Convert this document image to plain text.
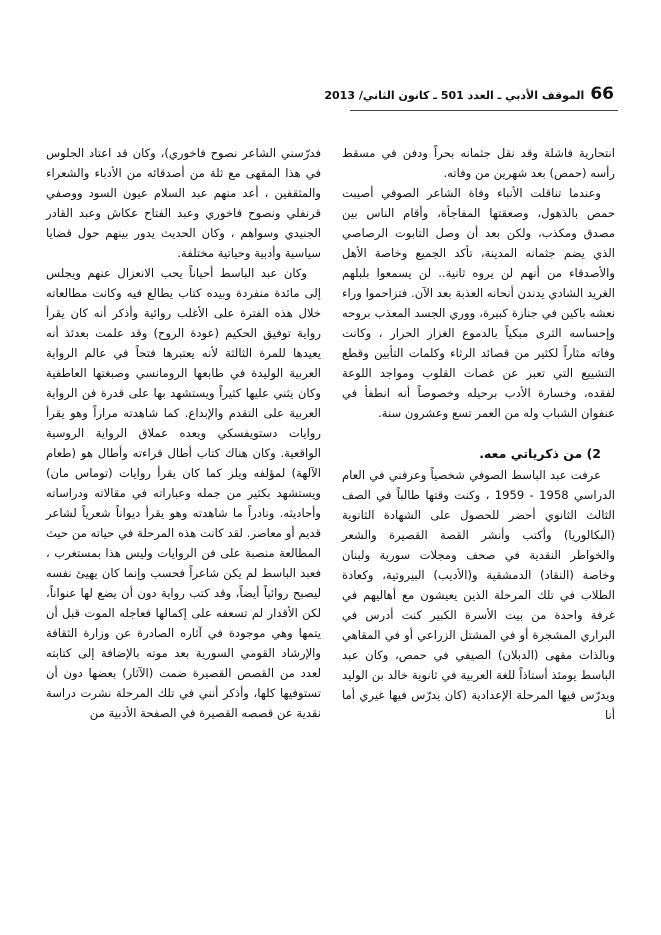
66
الموقف الأدبي ـ العدد 501 ـ كانون الثاني/ 2013

انتحارية فاشلة وقد نقل جثمانه بحراً ودفن في مسقط رأسه (حمص) بعد شهرين من وفاته.

وعندما تناقلت الأنباء وفاة الشاعر الصوفي أصيبت حمص بالذهول، وصعقتها المفاجأة، وأقام الناس بين مصدق ومكذب، ولكن بعد أن وصل التابوت الرصاصي الذي يضم جثمانه المدينة، تأكد الجميع وخاصة الأهل والأصدقاء من أنهم لن يروه ثانية.. لن يسمعوا بلبلهم الغريد الشادي يدندن أنحانه العذبة بعد الآن. فتزاحموا وراء نعشه باكين في جنازة كبيرة، ووري الجسد المعذب بروحه وإحساسه الثرى مبكياً بالدموع الغزار الحرار ، وكانت وفاته مثاراً لكثير من قصائد الرثاء وكلمات التأبين وقطع التشييع التي تعبر عن غصات القلوب ومواجد اللوعة لفقده، وخسارة الأدب برحيله وخصوصاً أنه انطفأ في عنفوان الشباب وله من العمر تسع وعشرون سنة.

2) من ذكرياتي معه.

عرفت عبد الباسط الصوفي شخصياً وعرفني في العام الدراسي 1958 - 1959 ، وكنت وقتها طالباً في الصف الثالث الثانوي أحضر للحصول على الشهادة الثانوية (البكالوريا) وأكتب وأنشر القصة القصيرة والشعر والخواطر النقدية في صحف ومجلات سورية ولبنان وخاصة (النقاد) الدمشقية و(الأديب) البيروتية، وكعادة الطلاب في تلك المرحلة الذين يعيشون مع أهاليهم في غرفة واحدة من بيت الأسرة الكبير كنت أدرس في البراري المشجرة أو في المشتل الزراعي أو في المقاهي وبالذات مقهى (الدبلان) الصيفي في حمص، وكان عبد الباسط يومئذ أستاذاً للغة العربية في ثانوية خالد بن الوليد ويدرّس فيها المرحلة الإعدادية (كان يدرّس فيها غيري أما أنا

فدرّسني الشاعر نصوح فاخوري)، وكان قد اعتاد الجلوس في هذا المقهى مع ثلة من أصدقائه من الأدباء والشعراء والمثقفين ، أعد منهم عبد السلام عيون السود ووصفي قرنفلي ونصوح فاخوري وعبد الفتاح عكاش وعبد القادر الجنيدي وسواهم ، وكان الحديث يدور بينهم حول قضايا سياسية وأدبية وحياتية مختلفة.

وكان عبد الباسط أحياناً يحب الانعزال عنهم ويجلس إلى مائدة منفردة وبيده كتاب يطالع فيه وكانت مطالعاته خلال هذه الفترة على الأغلب روائية وأذكر أنه كان يقرأ رواية توفيق الحكيم (عودة الروح) وقد علمت بعدئذ أنه يعيدها للمرة الثالثة لأنه يعتبرها فتحاً في عالم الرواية العربية الوليدة في طابعها الرومانسي وصبغتها العاطفية وكان يثني عليها كثيراً ويستشهد بها على قدرة فن الرواية العربية على التقدم والإبداع. كما شاهدته مراراً وهو يقرأ روايات دستويفسكي ويعده عملاق الرواية الروسية الواقعية. وكان هناك كتاب أطال قراءته وأطال هو (طعام الآلهة) لمؤلفه ويلز كما كان يقرأ روايات (توماس مان) ويستشهد بكثير من جمله وعباراته في مقالاته ودراساته وأحاديثه. ونادراً ما شاهدته وهو يقرأ ديواناً شعرياً لشاعر قديم أو معاصر. لقد كانت هذه المرحلة في حياته من حيث المطالعة منصبة على فن الروايات وليس هذا بمستغرب ، فعبد الباسط لم يكن شاعراً فحسب وإنما كان يهيئ نفسه ليصبح روائياً أيضاً، وقد كتب رواية دون أن يضع لها عنواناً، لكن الأقدار لم تسعفه على إكمالها فعاجله الموت قبل أن يتمها وهي موجودة في آثاره الصادرة عن وزارة الثقافة والإرشاد القومي السورية بعد موته بالإضافة إلى كتابته لعدد من القصص القصيرة ضمت (الآثار) بعضها دون أن تستوفيها كلها، وأذكر أنني في تلك المرحلة نشرت دراسة نقدية عن قصصه القصيرة في الصفحة الأدبية من
